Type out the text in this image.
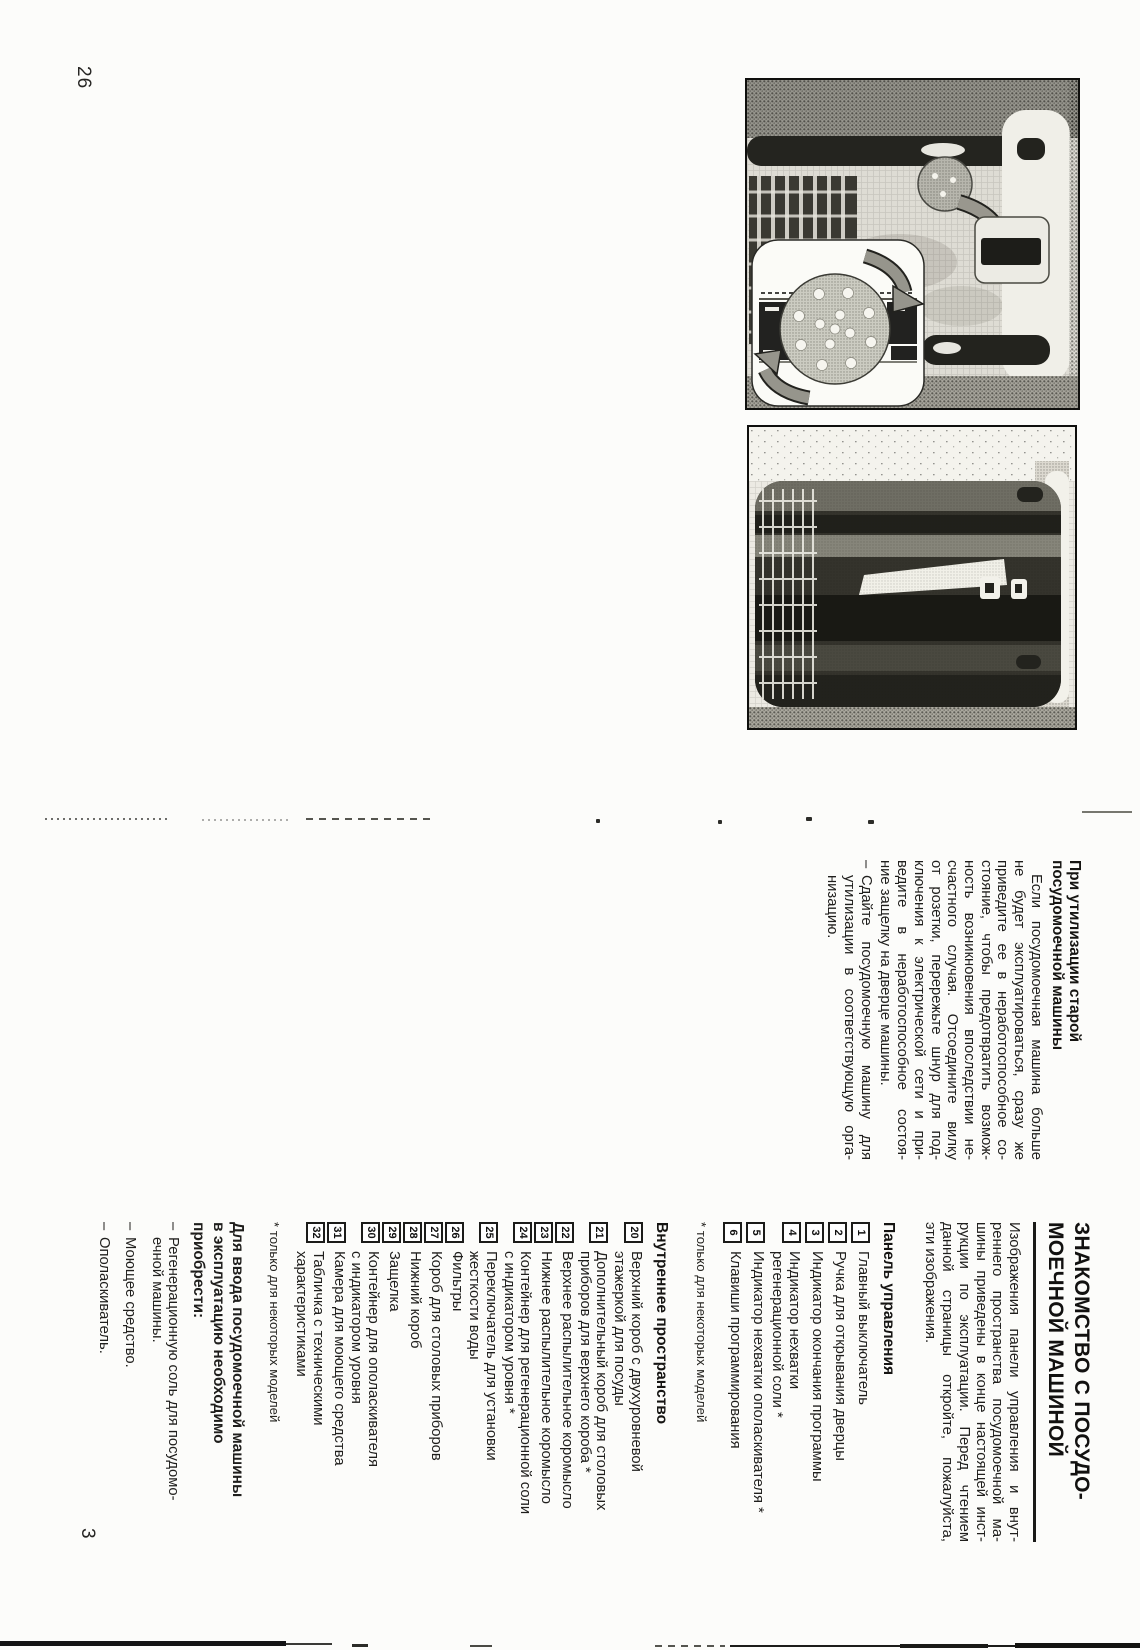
26
3
При утилизации старой
посудомоечной машины
Если посудомоечная машина больше
не будет эксплуатироваться, сразу же
приведите ее в неработоспособное со-
стояние, чтобы предотвратить возмож-
ность возникновения впоследствии не-
счастного случая. Отсоедините вилку
от розетки, перережьте шнур для под-
ключения к электрической сети и при-
ведите в неработоспособное состоя-
ние защелку на дверце машины.
–
Сдайте посудомоечную машину для
утилизации в соответствующую орга-
низацию.
ЗНАКОМСТВО С ПОСУДО-
МОЕЧНОЙ МАШИНОЙ
Изображения панели управления и внут-
реннего пространства посудомоечной ма-
шины приведены в конце настоящей инст-
рукции по эксплуатации. Перед чтением
данной страницы откройте, пожалуйста,
эти изображения.
Панель управления
1
Главный выключатель
2
Ручка для открывания дверцы
3
Индикатор окончания программы
4
Индикатор нехватки
регенерационной соли *
5
Индикатор нехватки ополаскивателя *
6
Клавиши программирования
* только для некоторых моделей
Внутреннее пространство
20
Верхний короб с двухуровневой
этажеркой для посуды
21
Дополнительный короб для столовых
приборов для верхнего короба *
22
Верхнее распылительное коромысло
23
Нижнее распылительное коромысло
24
Контейнер для регенерационной соли
с индикатором уровня *
25
Переключатель для установки
жесткости воды
26
Фильтры
27
Короб для столовых приборов
28
Нижний короб
29
Защелка
30
Контейнер для ополаскивателя
с индикатором уровня
31
Камера для моющего средства
32
Табличка с техническими
характеристиками
* только для некоторых моделей
Для ввода посудомоечной машины
в эксплуатацию необходимо
приобрести:
–
Регенерационную соль для посудомо-
ечной машины.
–
Моющее средство.
–
Ополаскиватель.
